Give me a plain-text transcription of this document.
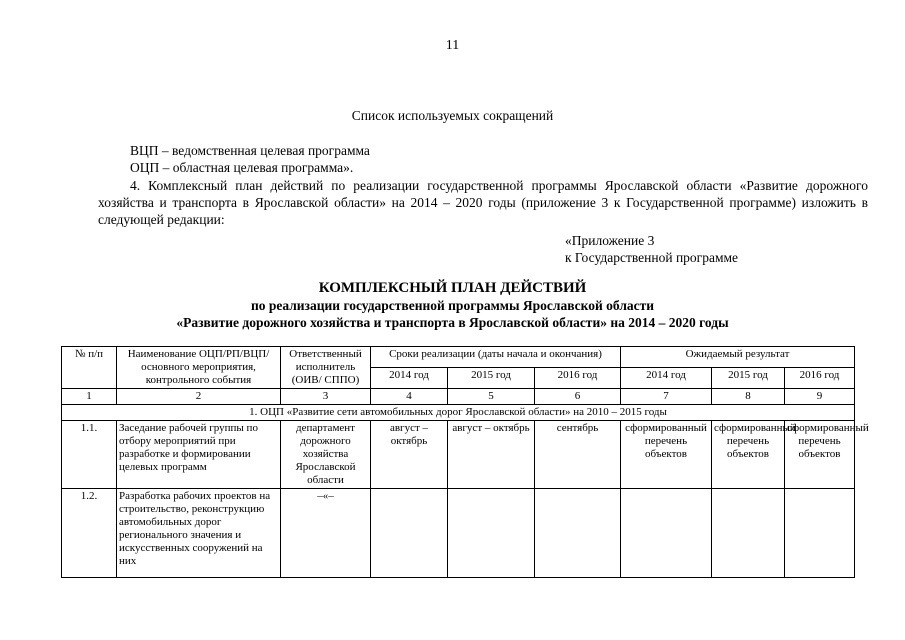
11
Список используемых сокращений
ВЦП – ведомственная целевая программа
ОЦП – областная целевая программа».
4. Комплексный план действий по реализации государственной программы Ярославской области «Развитие дорожного хозяйства и транспорта в Ярославской области» на 2014 – 2020 годы (приложение 3 к Государственной программе) изложить в следующей редакции:
«Приложение 3
к Государственной программе
КОМПЛЕКСНЫЙ ПЛАН ДЕЙСТВИЙ
по реализации государственной программы Ярославской области
«Развитие дорожного хозяйства и транспорта в Ярославской области» на 2014 – 2020 годы
№ п/п	Наименование ОЦП/РП/ВЦП/ основного мероприятия, контрольного события	Ответственный исполнитель (ОИВ/ СППО)	Сроки реализации (даты начала и окончания)			Ожидаемый результат		
			2014 год	2015 год	2016 год	2014 год	2015 год	2016 год
1	2	3	4	5	6	7	8	9
1. ОЦП «Развитие сети автомобильных дорог Ярославской области» на 2010 – 2015 годы								
1.1.	Заседание рабочей группы по отбору мероприятий при разработке и формировании целевых программ	департамент дорожного хозяйства Ярославской области	август – октябрь	август – октябрь	сентябрь	сформированный перечень объектов	сформированный перечень объектов	сформированный перечень объектов
1.2.	Разработка рабочих проектов на строительство, реконструкцию автомобильных дорог регионального значения и искусственных сооружений на них	–«–						
